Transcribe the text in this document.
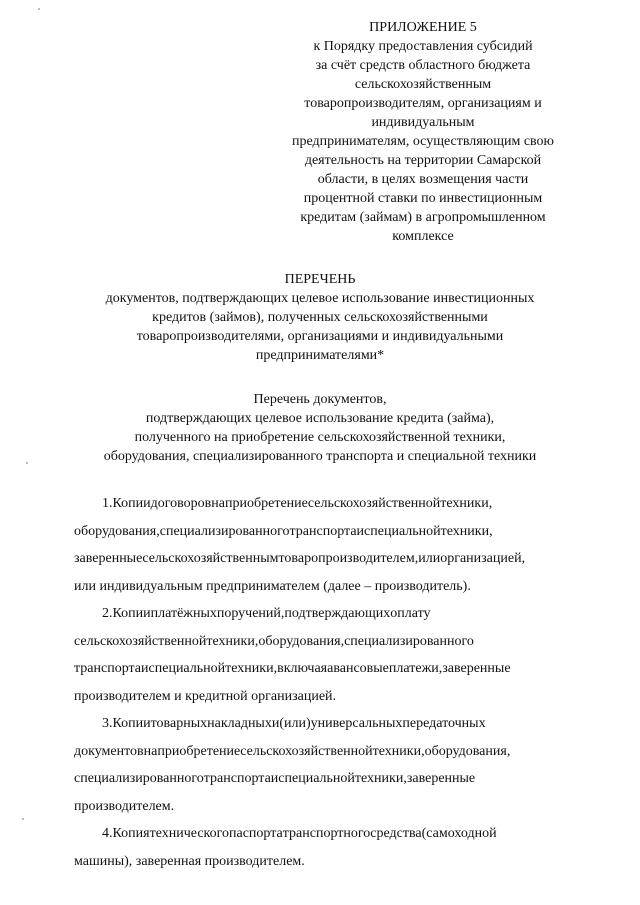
ПРИЛОЖЕНИЕ 5
к Порядку предоставления субсидий
за счёт средств областного бюджета
сельскохозяйственным
товаропроизводителям, организациям и
индивидуальным
предпринимателям, осуществляющим свою
деятельность на территории Самарской
области, в целях возмещения части
процентной ставки по инвестиционным
кредитам (займам) в агропромышленном
комплексе
ПЕРЕЧЕНЬ
документов, подтверждающих целевое использование инвестиционных
кредитов (займов), полученных сельскохозяйственными
товаропроизводителями, организациями и индивидуальными
предпринимателями*
Перечень документов,
подтверждающих целевое использование кредита (займа),
полученного на приобретение сельскохозяйственной техники,
оборудования, специализированного транспорта и специальной техники
1.Копиидоговоровнаприобретениесельскохозяйственнойтехники,
оборудования,специализированноготранспортаиспециальнойтехники,
заверенныесельскохозяйственнымтоваропроизводителем,илиорганизацией,
или индивидуальным предпринимателем (далее – производитель).
2.Копииплатёжныхпоручений,подтверждающихоплату
сельскохозяйственнойтехники,оборудования,специализированного
транспортаиспециальнойтехники,включаяавансовыеплатежи,заверенные
производителем и кредитной организацией.
3.Копиитоварныхнакладныхи(или)универсальныхпередаточных
документовнаприобретениесельскохозяйственнойтехники,оборудования,
специализированноготранспортаиспециальнойтехники,заверенные
производителем.
4.Копиятехническогопаспортатранспортногосредства(самоходной
машины), заверенная производителем.
